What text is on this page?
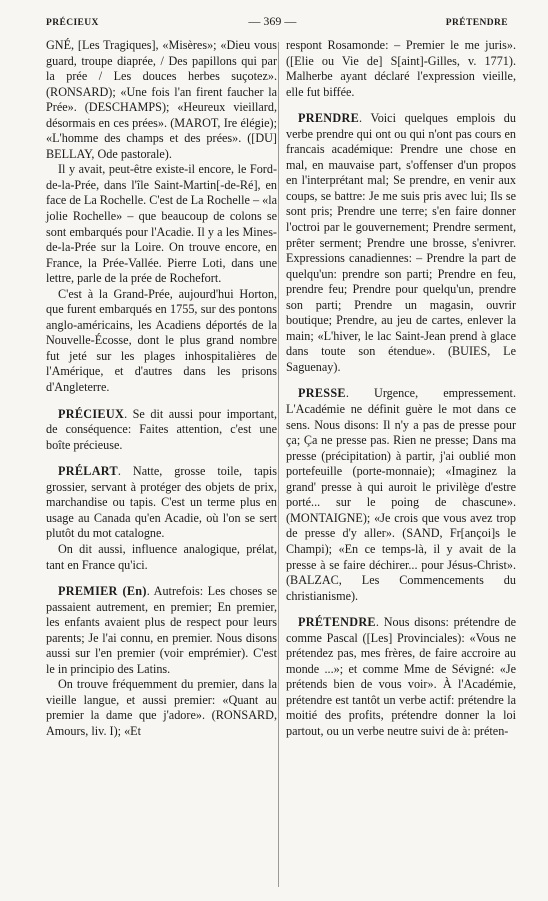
PRÉCIEUX	— 369 —	PRÉTENDRE

GNÉ, [Les Tragiques], «Misères»; «Dieu vous guard, troupe diaprée, / Des papillons qui par la prée / Les douces herbes suçotez». (RONSARD); «Une fois l'an firent faucher la Prée». (DESCHAMPS); «Heureux vieillard, désormais en ces prées». (MAROT, Ire élégie); «L'homme des champs et des prées». ([DU] BELLAY, Ode pastorale).

Il y avait, peut-être existe-il encore, le Ford-de-la-Prée, dans l'île Saint-Martin[-de-Ré], en face de La Rochelle. C'est de La Rochelle – «la jolie Rochelle» – que beaucoup de colons se sont embarqués pour l'Acadie. Il y a les Mines-de-la-Prée sur la Loire. On trouve encore, en France, la Prée-Vallée. Pierre Loti, dans une lettre, parle de la prée de Rochefort.

C'est à la Grand-Prée, aujourd'hui Horton, que furent embarqués en 1755, sur des pontons anglo-américains, les Acadiens déportés de la Nouvelle-Écosse, dont le plus grand nombre fut jeté sur les plages inhospitalières de l'Amérique, et d'autres dans les prisons d'Angleterre.

PRÉCIEUX. Se dit aussi pour important, de conséquence: Faites attention, c'est une boîte précieuse.

PRÉLART. Natte, grosse toile, tapis grossier, servant à protéger des objets de prix, marchandise ou tapis. C'est un terme plus en usage au Canada qu'en Acadie, où l'on se sert plutôt du mot catalogne.

On dit aussi, influence analogique, prélat, tant en France qu'ici.

PREMIER (En). Autrefois: Les choses se passaient autrement, en premier; En premier, les enfants avaient plus de respect pour leurs parents; Je l'ai connu, en premier. Nous disons aussi sur l'en premier (voir emprémier). C'est le in principio des Latins.

On trouve fréquemment du premier, dans la vieille langue, et aussi premier: «Quant au premier la dame que j'adore». (RONSARD, Amours, liv. I); «Et

respont Rosamonde: – Premier le me juris». ([Elie ou Vie de] S[aint]-Gilles, v. 1771). Malherbe ayant déclaré l'expression vieille, elle fut biffée.

PRENDRE. Voici quelques emplois du verbe prendre qui ont ou qui n'ont pas cours en francais académique: Prendre une chose en mal, en mauvaise part, s'offenser d'un propos en l'interprétant mal; Se prendre, en venir aux coups, se battre: Je me suis pris avec lui; Ils se sont pris; Prendre une terre; s'en faire donner l'octroi par le gouvernement; Prendre serment, prêter serment; Prendre une brosse, s'enivrer. Expressions canadiennes: – Prendre la part de quelqu'un: prendre son parti; Prendre en feu, prendre feu; Prendre pour quelqu'un, prendre son parti; Prendre un magasin, ouvrir boutique; Prendre, au jeu de cartes, enlever la main; «L'hiver, le lac Saint-Jean prend à glace dans toute son étendue». (BUIES, Le Saguenay).

PRESSE. Urgence, empressement. L'Académie ne définit guère le mot dans ce sens. Nous disons: Il n'y a pas de presse pour ça; Ça ne presse pas. Rien ne presse; Dans ma presse (précipitation) à partir, j'ai oublié mon portefeuille (porte-monnaie); «Imaginez la grand' presse à qui auroit le privilège d'estre porté... sur le poing de chascune». (MONTAIGNE); «Je crois que vous avez trop de presse d'y aller». (SAND, Fr[ançoi]s le Champi); «En ce temps-là, il y avait de la presse à se faire déchirer... pour Jésus-Christ». (BALZAC, Les Commencements du christianisme).

PRÉTENDRE. Nous disons: prétendre de comme Pascal ([Les] Provinciales): «Vous ne prétendez pas, mes frères, de faire accroire au monde ...»; et comme Mme de Sévigné: «Je prétends bien de vous voir». À l'Académie, prétendre est tantôt un verbe actif: prétendre la moitié des profits, prétendre donner la loi partout, ou un verbe neutre suivi de à: préten-
